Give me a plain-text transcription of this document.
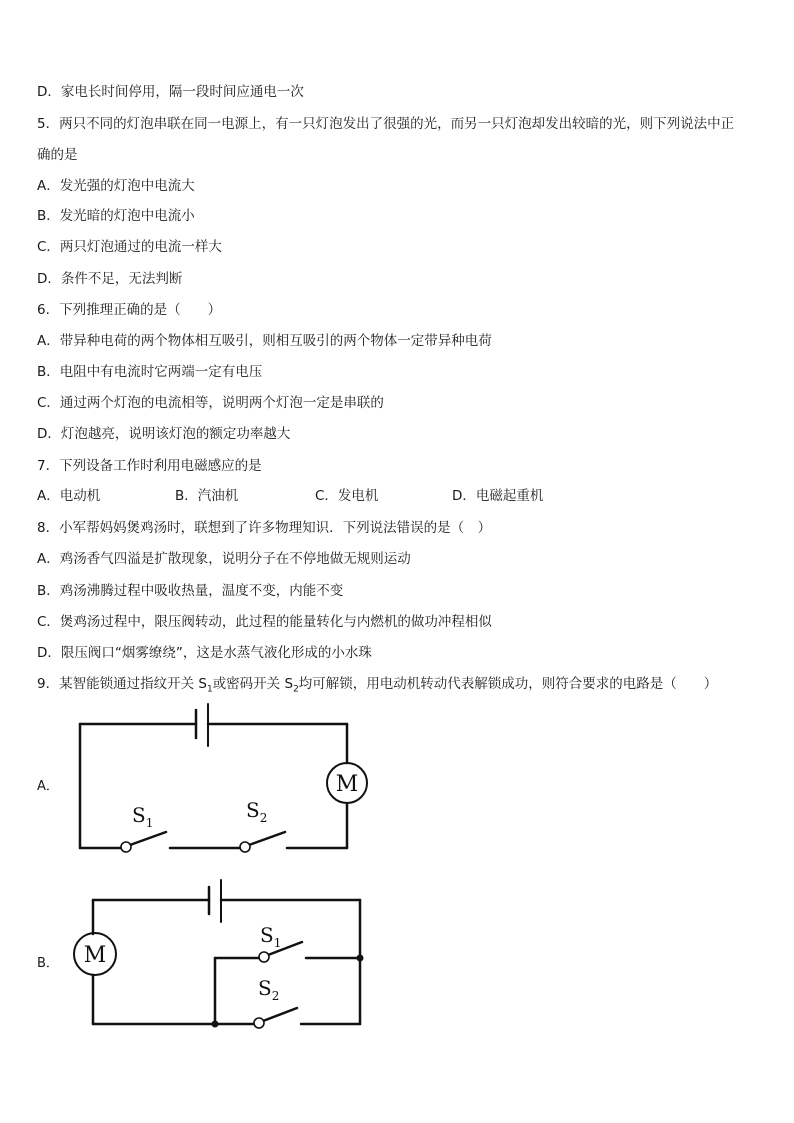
D．家电长时间停用，隔一段时间应通电一次
5．两只不同的灯泡串联在同一电源上，有一只灯泡发出了很强的光，而另一只灯泡却发出较暗的光，则下列说法中正
确的是
A．发光强的灯泡中电流大
B．发光暗的灯泡中电流小
C．两只灯泡通过的电流一样大
D．条件不足，无法判断
6．下列推理正确的是（　　）
A．带异种电荷的两个物体相互吸引，则相互吸引的两个物体一定带异种电荷
B．电阻中有电流时它两端一定有电压
C．通过两个灯泡的电流相等，说明两个灯泡一定是串联的
D．灯泡越亮，说明该灯泡的额定功率越大
7．下列设备工作时利用电磁感应的是
A．电动机	B．汽油机	C．发电机	D．电磁起重机
8．小军帮妈妈煲鸡汤时，联想到了许多物理知识．下列说法错误的是（　）
A．鸡汤香气四溢是扩散现象，说明分子在不停地做无规则运动
B．鸡汤沸腾过程中吸收热量，温度不变，内能不变
C．煲鸡汤过程中，限压阀转动，此过程的能量转化与内燃机的做功冲程相似
D．限压阀口“烟雾缭绕”，这是水蒸气液化形成的小水珠
9．某智能锁通过指纹开关 $S_1$或密码开关 $S_2$均可解锁，用电动机转动代表解锁成功，则符合要求的电路是（　　）
A．
B．
M
$S_1$
$S_2$
M
$S_1$
$S_2$
